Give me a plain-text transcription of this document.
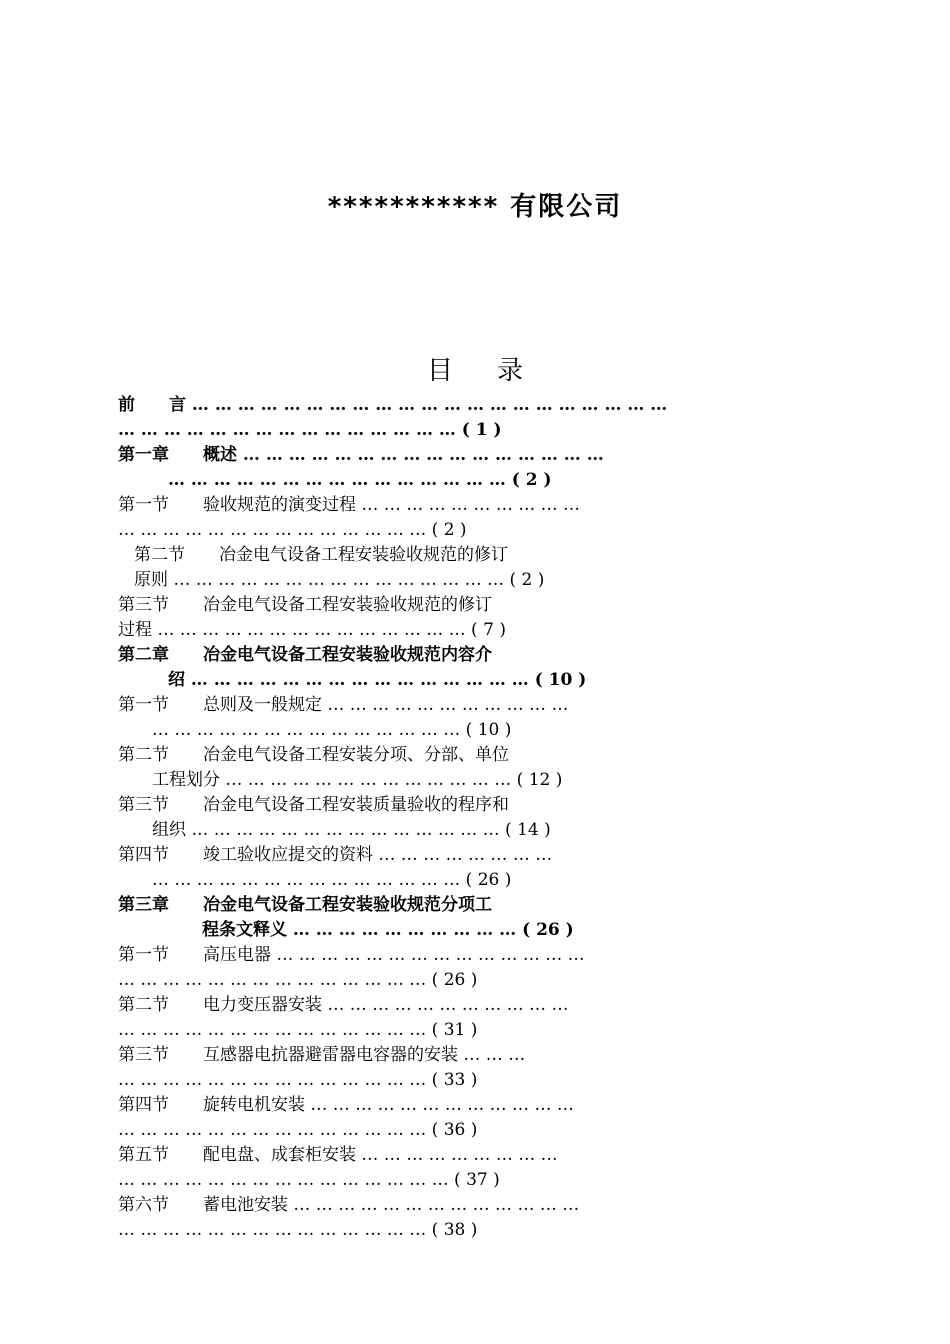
*********** 有限公司
目录
前　　言 … … … … … … … … … … … … … … … … … … … … …
… … … … … … … … … … … … … … … ( 1 )
第一章　　概述 … … … … … … … … … … … … … … … …
… … … … … … … … … … … … … … … ( 2 )
第一节　　验收规范的演变过程 … … … … … … … … … …
… … … … … … … … … … … … … … ( 2 )
第二节　　冶金电气设备工程安装验收规范的修订
原则 … … … … … … … … … … … … … … … ( 2 )
第三节　　冶金电气设备工程安装验收规范的修订
过程 … … … … … … … … … … … … … … ( 7 )
第二章　　冶金电气设备工程安装验收规范内容介
绍 … … … … … … … … … … … … … … … ( 10 )
第一节　　总则及一般规定 … … … … … … … … … … …
… … … … … … … … … … … … … … ( 10 )
第二节　　冶金电气设备工程安装分项、分部、单位
工程划分 … … … … … … … … … … … … … ( 12 )
第三节　　冶金电气设备工程安装质量验收的程序和
组织 … … … … … … … … … … … … … … ( 14 )
第四节　　竣工验收应提交的资料 … … … … … … … …
… … … … … … … … … … … … … … ( 26 )
第三章　　冶金电气设备工程安装验收规范分项工
程条文释义 … … … … … … … … … … ( 26 )
第一节　　高压电器 … … … … … … … … … … … … … …
… … … … … … … … … … … … … … ( 26 )
第二节　　电力变压器安装 … … … … … … … … … … …
… … … … … … … … … … … … … … ( 31 )
第三节　　互感器电抗器避雷器电容器的安装 … … …
… … … … … … … … … … … … … … ( 33 )
第四节　　旋转电机安装 … … … … … … … … … … … …
… … … … … … … … … … … … … … ( 36 )
第五节　　配电盘、成套柜安装 … … … … … … … … …
… … … … … … … … … … … … … … … ( 37 )
第六节　　蓄电池安装 … … … … … … … … … … … … …
… … … … … … … … … … … … … … ( 38 )
